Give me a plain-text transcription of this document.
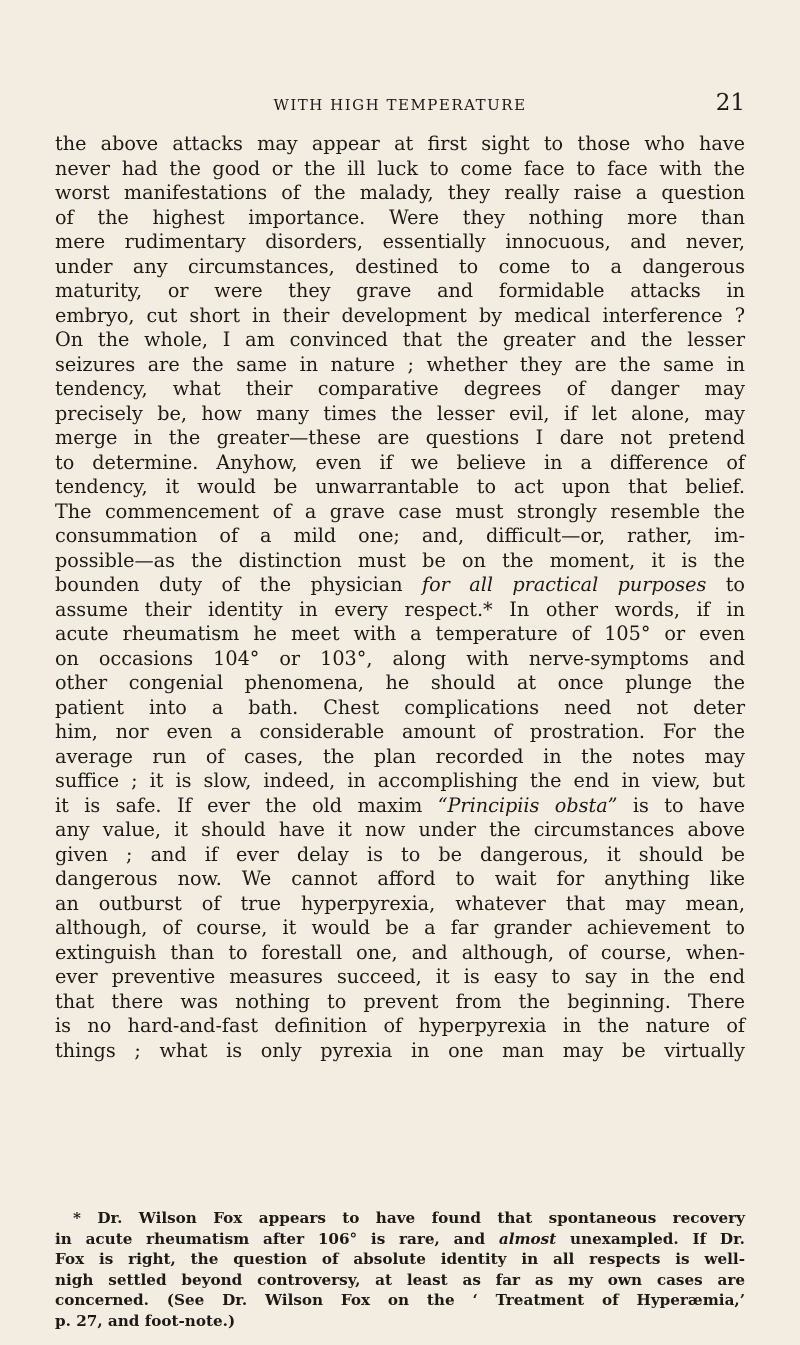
WITH HIGH TEMPERATURE	21
the above attacks may appear at first sight to those who have
never had the good or the ill luck to come face to face with the
worst manifestations of the malady, they really raise a question
of the highest importance. Were they nothing more than
mere rudimentary disorders, essentially innocuous, and never,
under any circumstances, destined to come to a dangerous
maturity, or were they grave and formidable attacks in
embryo, cut short in their development by medical interference ?
On the whole, I am convinced that the greater and the lesser
seizures are the same in nature ; whether they are the same in
tendency, what their comparative degrees of danger may
precisely be, how many times the lesser evil, if let alone, may
merge in the greater—these are questions I dare not pretend
to determine. Anyhow, even if we believe in a difference of
tendency, it would be unwarrantable to act upon that belief.
The commencement of a grave case must strongly resemble the
consummation of a mild one; and, difficult—or, rather, im-
possible—as the distinction must be on the moment, it is the
bounden duty of the physician for all practical purposes to
assume their identity in every respect.* In other words, if in
acute rheumatism he meet with a temperature of 105° or even
on occasions 104° or 103°, along with nerve-symptoms and
other congenial phenomena, he should at once plunge the
patient into a bath. Chest complications need not deter
him, nor even a considerable amount of prostration. For the
average run of cases, the plan recorded in the notes may
suffice ; it is slow, indeed, in accomplishing the end in view, but
it is safe. If ever the old maxim “Principiis obsta” is to have
any value, it should have it now under the circumstances above
given ; and if ever delay is to be dangerous, it should be
dangerous now. We cannot afford to wait for anything like
an outburst of true hyperpyrexia, whatever that may mean,
although, of course, it would be a far grander achievement to
extinguish than to forestall one, and although, of course, when-
ever preventive measures succeed, it is easy to say in the end
that there was nothing to prevent from the beginning. There
is no hard-and-fast definition of hyperpyrexia in the nature of
things ; what is only pyrexia in one man may be virtually
* Dr. Wilson Fox appears to have found that spontaneous recovery
in acute rheumatism after 106° is rare, and almost unexampled. If Dr.
Fox is right, the question of absolute identity in all respects is well-
nigh settled beyond controversy, at least as far as my own cases are
concerned. (See Dr. Wilson Fox on the ‘ Treatment of Hyperæmia,’
p. 27, and foot-note.)
